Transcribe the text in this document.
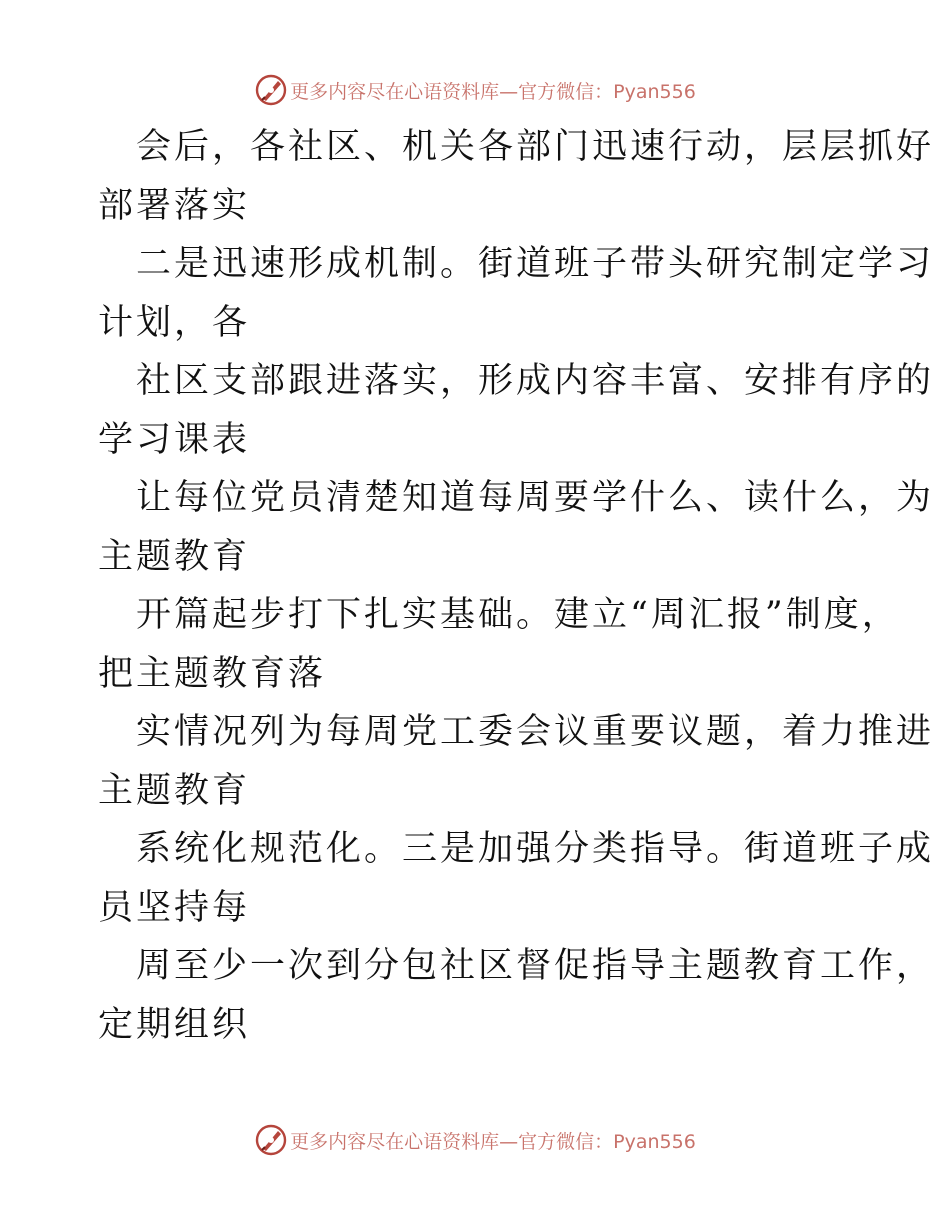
更多内容尽在心语资料库—官方微信：Pyan556

会后，各社区、机关各部门迅速行动，层层抓好
部署落实

二是迅速形成机制。街道班子带头研究制定学习
计划，各

社区支部跟进落实，形成内容丰富、安排有序的
学习课表

让每位党员清楚知道每周要学什么、读什么，为
主题教育

开篇起步打下扎实基础。建立“周汇报”制度，
把主题教育落

实情况列为每周党工委会议重要议题，着力推进
主题教育

系统化规范化。三是加强分类指导。街道班子成
员坚持每

周至少一次到分包社区督促指导主题教育工作，
定期组织

更多内容尽在心语资料库—官方微信：Pyan556
